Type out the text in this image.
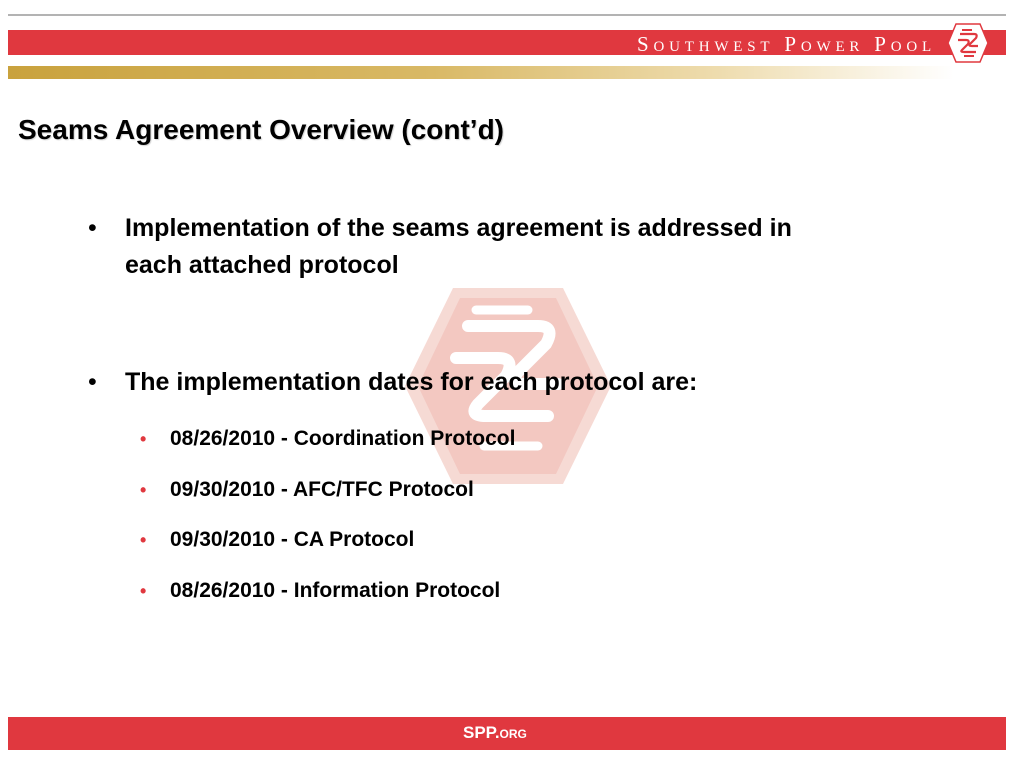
Southwest Power Pool
Seams Agreement Overview (cont’d)
• Implementation of the seams agreement is addressed in
each attached protocol
• The implementation dates for each protocol are:
• 08/26/2010 - Coordination Protocol
• 09/30/2010 - AFC/TFC Protocol
• 09/30/2010 - CA Protocol
• 08/26/2010 - Information Protocol
SPP.org
